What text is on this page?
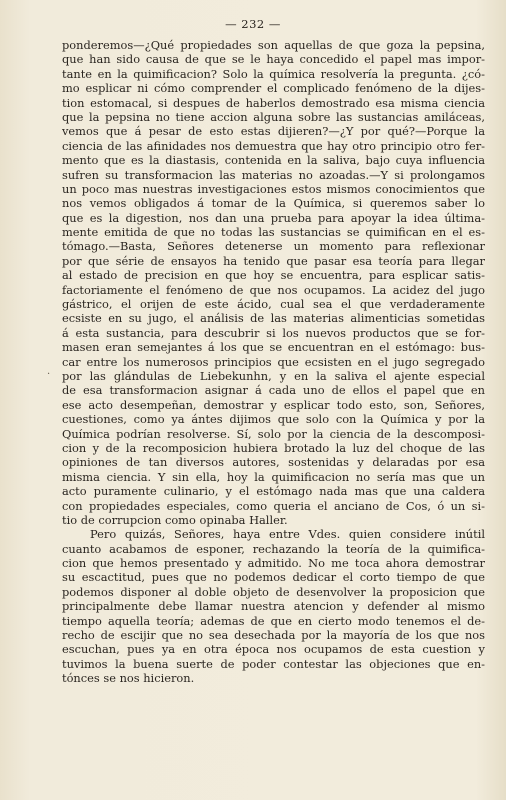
— 232 —
·
ponderemos—¿Qué propiedades son aquellas de que goza la pepsina,
que han sido causa de que se le haya concedido el papel mas impor-
tante en la quimificacion? Solo la química resolvería la pregunta. ¿có-
mo esplicar ni cómo comprender el complicado fenómeno de la dijes-
tion estomacal, si despues de haberlos demostrado esa misma ciencia
que la pepsina no tiene accion alguna sobre las sustancias amiláceas,
vemos que á pesar de esto estas dijieren?—¿Y por qué?—Porque la
ciencia de las afinidades nos demuestra que hay otro principio otro fer-
mento que es la diastasis, contenida en la saliva, bajo cuya influencia
sufren su transformacion las materias no azoadas.—Y si prolongamos
un poco mas nuestras investigaciones estos mismos conocimientos que
nos vemos obligados á tomar de la Química, si queremos saber lo
que es la digestion, nos dan una prueba para apoyar la idea última-
mente emitida de que no todas las sustancias se quimifican en el es-
tómago.—Basta, Señores detenerse un momento para reflexionar
por que série de ensayos ha tenido que pasar esa teoría para llegar
al estado de precision en que hoy se encuentra, para esplicar satis-
factoriamente el fenómeno de que nos ocupamos. La acidez del jugo
gástrico, el orijen de este ácido, cual sea el que verdaderamente
ecsiste en su jugo, el análisis de las materias alimenticias sometidas
á esta sustancia, para descubrir si los nuevos productos que se for-
masen eran semejantes á los que se encuentran en el estómago: bus-
car entre los numerosos principios que ecsisten en el jugo segregado
por las glándulas de Liebekunhn, y en la saliva el ajente especial
de esa transformacion asignar á cada uno de ellos el papel que en
ese acto desempeñan, demostrar y esplicar todo esto, son, Señores,
cuestiones, como ya ántes dijimos que solo con la Química y por la
Química podrían resolverse. Sí, solo por la ciencia de la descomposi-
cion y de la recomposicion hubiera brotado la luz del choque de las
opiniones de tan diversos autores, sostenidas y delaradas por esa
misma ciencia. Y sin ella, hoy la quimificacion no sería mas que un
acto puramente culinario, y el estómago nada mas que una caldera
con propiedades especiales, como queria el anciano de Cos, ó un si-
tio de corrupcion como opinaba Haller.
Pero quizás, Señores, haya entre Vdes. quien considere inútil
cuanto acabamos de esponer, rechazando la teoría de la quimifica-
cion que hemos presentado y admitido. No me toca ahora demostrar
su escactitud, pues que no podemos dedicar el corto tiempo de que
podemos disponer al doble objeto de desenvolver la proposicion que
principalmente debe llamar nuestra atencion y defender al mismo
tiempo aquella teoría; ademas de que en cierto modo tenemos el de-
recho de escijir que no sea desechada por la mayoría de los que nos
escuchan, pues ya en otra época nos ocupamos de esta cuestion y
tuvimos la buena suerte de poder contestar las objeciones que en-
tónces se nos hicieron.
